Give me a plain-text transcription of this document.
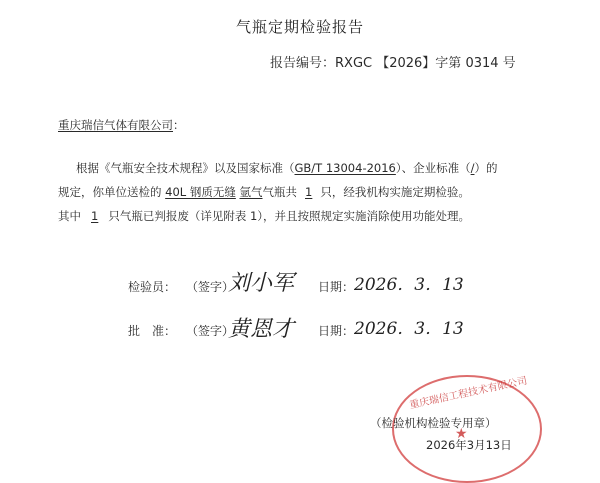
气瓶定期检验报告
报告编号：RXGC 【2026】字第 0314 号
重庆瑞信气体有限公司：
根据《气瓶安全技术规程》以及国家标准（GB/T 13004-2016）、企业标准（/）的
规定，你单位送检的 40L 钢质无缝 氩气气瓶共 1 只，经我机构实施定期检验。
其中 1 只气瓶已判报废（详见附表 1），并且按照规定实施消除使用功能处理。
检验员： （签字）
刘小军 日期： 2026．3．13
批　准： （签字）
黄恩才 日期： 2026．3．13
重庆瑞信工程技术有限公司
★
（检验机构检验专用章）
2026年3月13日
